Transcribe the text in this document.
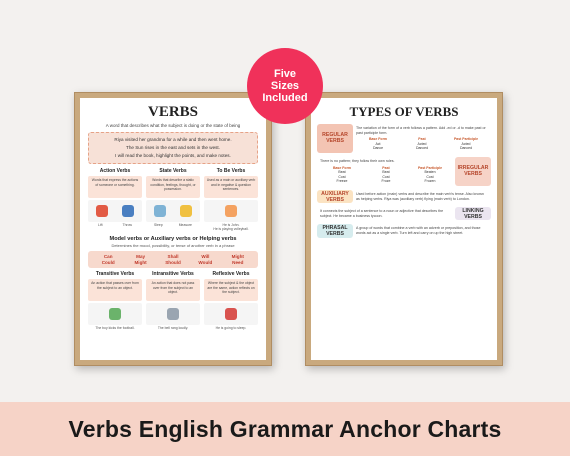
Five
Sizes
Included
VERBS
A word that describes what the subject is doing or the state of being
Riya visited her grandma for a while and then went home.
The Sun rises in the east and sets in the west.
I will read the book, highlight the points, and make notes.
Action Verbs
Words that express the actions of someone or something.
Lift	Throw
State Verbs
Words that describe a static condition, feelings, thought, or possession.
Sleep	Measure
To Be Verbs
Used as a main or auxiliary verb and in negative & question sentences.
He is John.
He is playing volleyball.
Model verbs or Auxiliary verbs or Helping verbs
Determines the mood, possibility, or tense of another verb in a phrase
Can	May	Shall	Will	Might
Could	Might	Should	Would	Need
Transitive Verbs
An action that passes over from the subject to an object.
The boy kicks the football.
Intransitive Verbs
An action that does not pass over from the subject to an object.
The bell rang loudly.
Reflexive Verbs
Where the subject & the object are the same, action reflects on the subject.
He is going to sleep.
TYPES OF VERBS
REGULAR VERBS
The variation of the form of a verb follows a pattern. Add -ed or -d to make past or past participle form.
Base Form	Past	Past Participle
Act	Acted	Acted
Dance	Danced	Danced
There is no pattern; they follow their own rules.
Base Form	Past	Past Participle
Beat	Beat	Beaten
Cost	Cost	Cost
Freeze	Froze	Frozen
IRREGULAR VERBS
AUXILIARY VERBS
Used before action (main) verbs and describe the main verb's tense. Also known as helping verbs. Riya was (auxiliary verb) flying (main verb) to London.
It connects the subject of a sentence to a noun or adjective that describes the subject. He became a business tycoon.
LINKING VERBS
PHRASAL VERBS
A group of words that combine a verb with an adverb or preposition, and those words act as a single verb. Turn left and carry on up the high street.
Verbs English Grammar Anchor Charts
